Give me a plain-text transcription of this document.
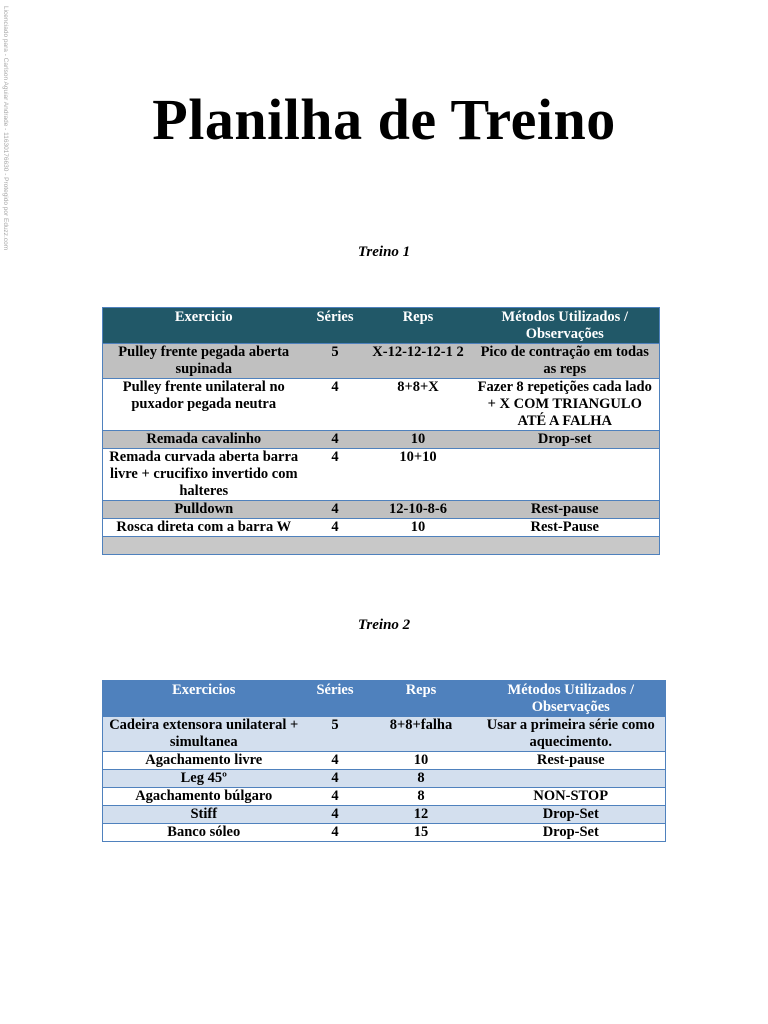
Licenciado para - Carlson Aguiar Andrade - 11630176630 - Protegido por Eduzz.com	Planilha de Treino
Treino 1
Exercicio	Séries	Reps	Métodos Utilizados / Observações
Pulley frente pegada aberta supinada	5	X-12-12-12-1 2	Pico de contração em todas as reps
Pulley frente unilateral no puxador pegada neutra	4	8+8+X	Fazer 8 repetições cada lado + X COM TRIANGULO ATÉ A FALHA
Remada cavalinho	4	10	Drop-set
Remada curvada aberta barra livre + crucifixo invertido com halteres	4	10+10	
Pulldown	4	12-10-8-6	Rest-pause
Rosca direta com a barra W	4	10	Rest-Pause

Treino 2
Exercicios	Séries	Reps	Métodos Utilizados / Observações
Cadeira extensora unilateral + simultanea	5	8+8+falha	Usar a primeira série como aquecimento.
Agachamento livre	4	10	Rest-pause
Leg 45º	4	8	
Agachamento búlgaro	4	8	NON-STOP
Stiff	4	12	Drop-Set
Banco sóleo	4	15	Drop-Set
